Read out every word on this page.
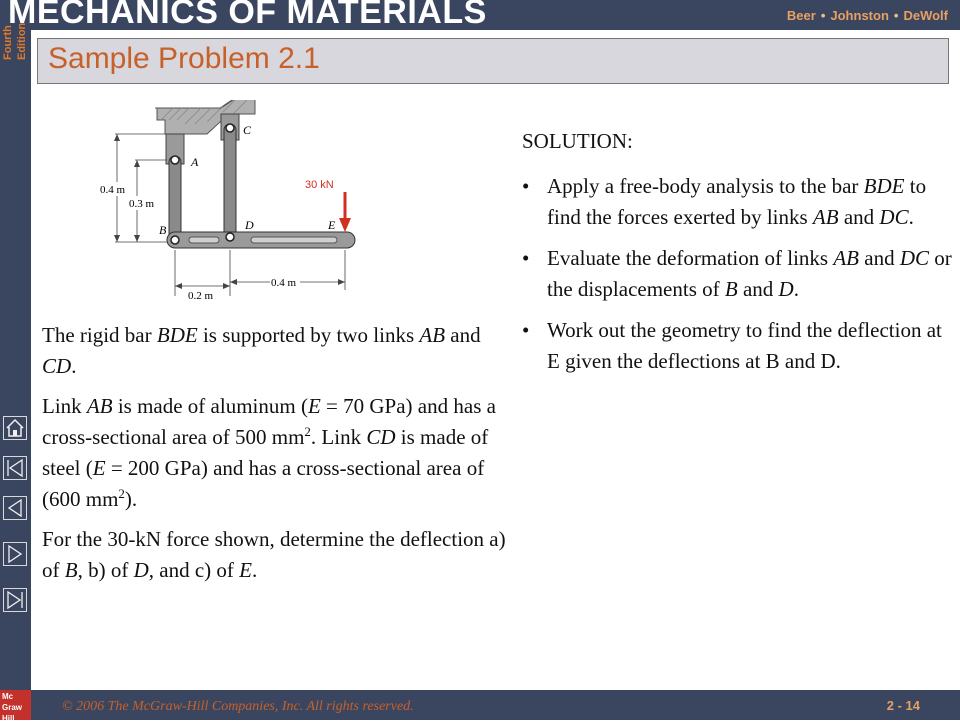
Fourth Edition
MECHANICS OF MATERIALS	Beer • Johnston • DeWolf
Sample Problem 2.1
A
C
B	D	E
30 kN
0.4 m
0.3 m
0.4 m
0.2 m

The rigid bar BDE is supported by two links AB and CD.

Link AB is made of aluminum (E = 70 GPa) and has a cross-sectional area of 500 $mm^2$. Link CD is made of steel (E = 200 GPa) and has a cross-sectional area of (600 $mm^2$).

For the 30-kN force shown, determine the deflection a) of B, b) of D, and c) of E.

SOLUTION:
• Apply a free-body analysis to the bar BDE to find the forces exerted by links AB and DC.
• Evaluate the deformation of links AB and DC or the displacements of B and D.
• Work out the geometry to find the deflection at E given the deflections at B and D.
Mc
Graw
Hill
© 2006 The McGraw-Hill Companies, Inc. All rights reserved.	2 - 14
